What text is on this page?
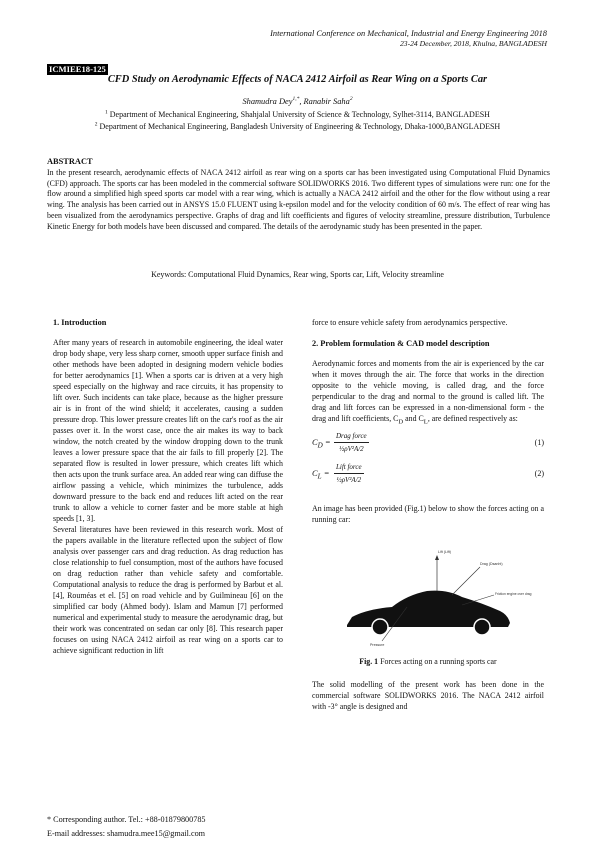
International Conference on Mechanical, Industrial and Energy Engineering 2018
23-24 December, 2018, Khulna, BANGLADESH
ICMIEE18-125
CFD Study on Aerodynamic Effects of NACA 2412 Airfoil as Rear Wing on a Sports Car
Shamudra Dey$^{1,*}$, Ranabir Saha$^2$
$^1$ Department of Mechanical Engineering, Shahjalal University of Science & Technology, Sylhet-3114, BANGLADESH
$^2$ Department of Mechanical Engineering, Bangladesh University of Engineering & Technology, Dhaka-1000,BANGLADESH
ABSTRACT
In the present research, aerodynamic effects of NACA 2412 airfoil as rear wing on a sports car has been investigated using Computational Fluid Dynamics (CFD) approach. The sports car has been modeled in the commercial software SOLIDWORKS 2016. Two different types of simulations were run: one for the flow around a simplified high speed sports car model with a rear wing, which is actually a NACA 2412 airfoil and the other for the flow without using a rear wing. The analysis has been carried out in ANSYS 15.0 FLUENT using k-epsilon model and for the velocity condition of 60 m/s. The effect of rear wing has been visualized from the aerodynamics perspective. Graphs of drag and lift coefficients and figures of velocity streamline, pressure distribution, Turbulence Kinetic Energy for both models have been discussed and compared. The details of the aerodynamic study has been presented in the paper.
Keywords: Computational Fluid Dynamics, Rear wing, Sports car, Lift, Velocity streamline
1. Introduction
After many years of research in automobile engineering, the ideal water drop body shape, very less sharp corner, smooth upper surface finish and other methods have been adopted in designing modern vehicle bodies for better aerodynamics [1]. When a sports car is driven at a very high speed especially on the highway and race circuits, it has propensity to lift over. Such incidents can take place, because as the higher pressure air is in front of the wind shield; it accelerates, causing a sudden pressure drop. This lower pressure creates lift on the car's roof as the air passes over it. In the worst case, once the air makes its way to back window, the notch created by the window dropping down to the trunk leaves a lower pressure space that the air fails to fill properly [2]. The separated flow is resulted in lower pressure, which creates lift which then acts upon the trunk surface area. An added rear wing can diffuse the airflow passing a vehicle, which minimizes the turbulence, adds downward pressure to the back end and reduces lift acted on the rear trunk to allow a vehicle to corner faster and be more stable at high speeds [1, 3].
Several literatures have been reviewed in this research work. Most of the papers available in the literature reflected upon the subject of flow analysis over passenger cars and drag reduction. As drag reduction has close relationship to fuel consumption, most of the authors have focused on drag reduction rather than vehicle safety and comfortable. Computational analysis to reduce the drag is performed by Barbut et al. [4], Rouméas et el. [5] on road vehicle and by Guilmineau [6] on the simplified car body (Ahmed body). Islam and Mamun [7] performed numerical and experimental study to measure the aerodynamic drag, but their work was concentrated on sedan car only [8]. This research paper focuses on using NACA 2412 airfoil as rear wing on a sports car to achieve significant reduction in lift
force to ensure vehicle safety from aerodynamics perspective.
2. Problem formulation & CAD model description
Aerodynamic forces and moments from the air is experienced by the car when it moves through the air. The force that works in the direction opposite to the vehicle moving, is called drag, and the force perpendicular to the drag and normal to the ground is called lift. The drag and lift forces can be expressed in a non-dimensional form - the drag and lift coefficients, $C_D$ and $C_L$, are defined respectively as:
$C_D$ =
Drag force
½ρV²A/2
(1)
$C_L$ =
Lift force
½ρV²A/2
(2)
An image has been provided (Fig.1) below to show the forces acting on a running car:
Lift (Lift)
Drag (Dsanht)
Friction engine over drag
Pressure
Fig. 1 Forces acting on a running sports car
The solid modelling of the present work has been done in the commercial software SOLIDWORKS 2016. The NACA 2412 airfoil with -3° angle is designed and
* Corresponding author. Tel.: +88-01879800785
E-mail addresses: shamudra.mee15@gmail.com
